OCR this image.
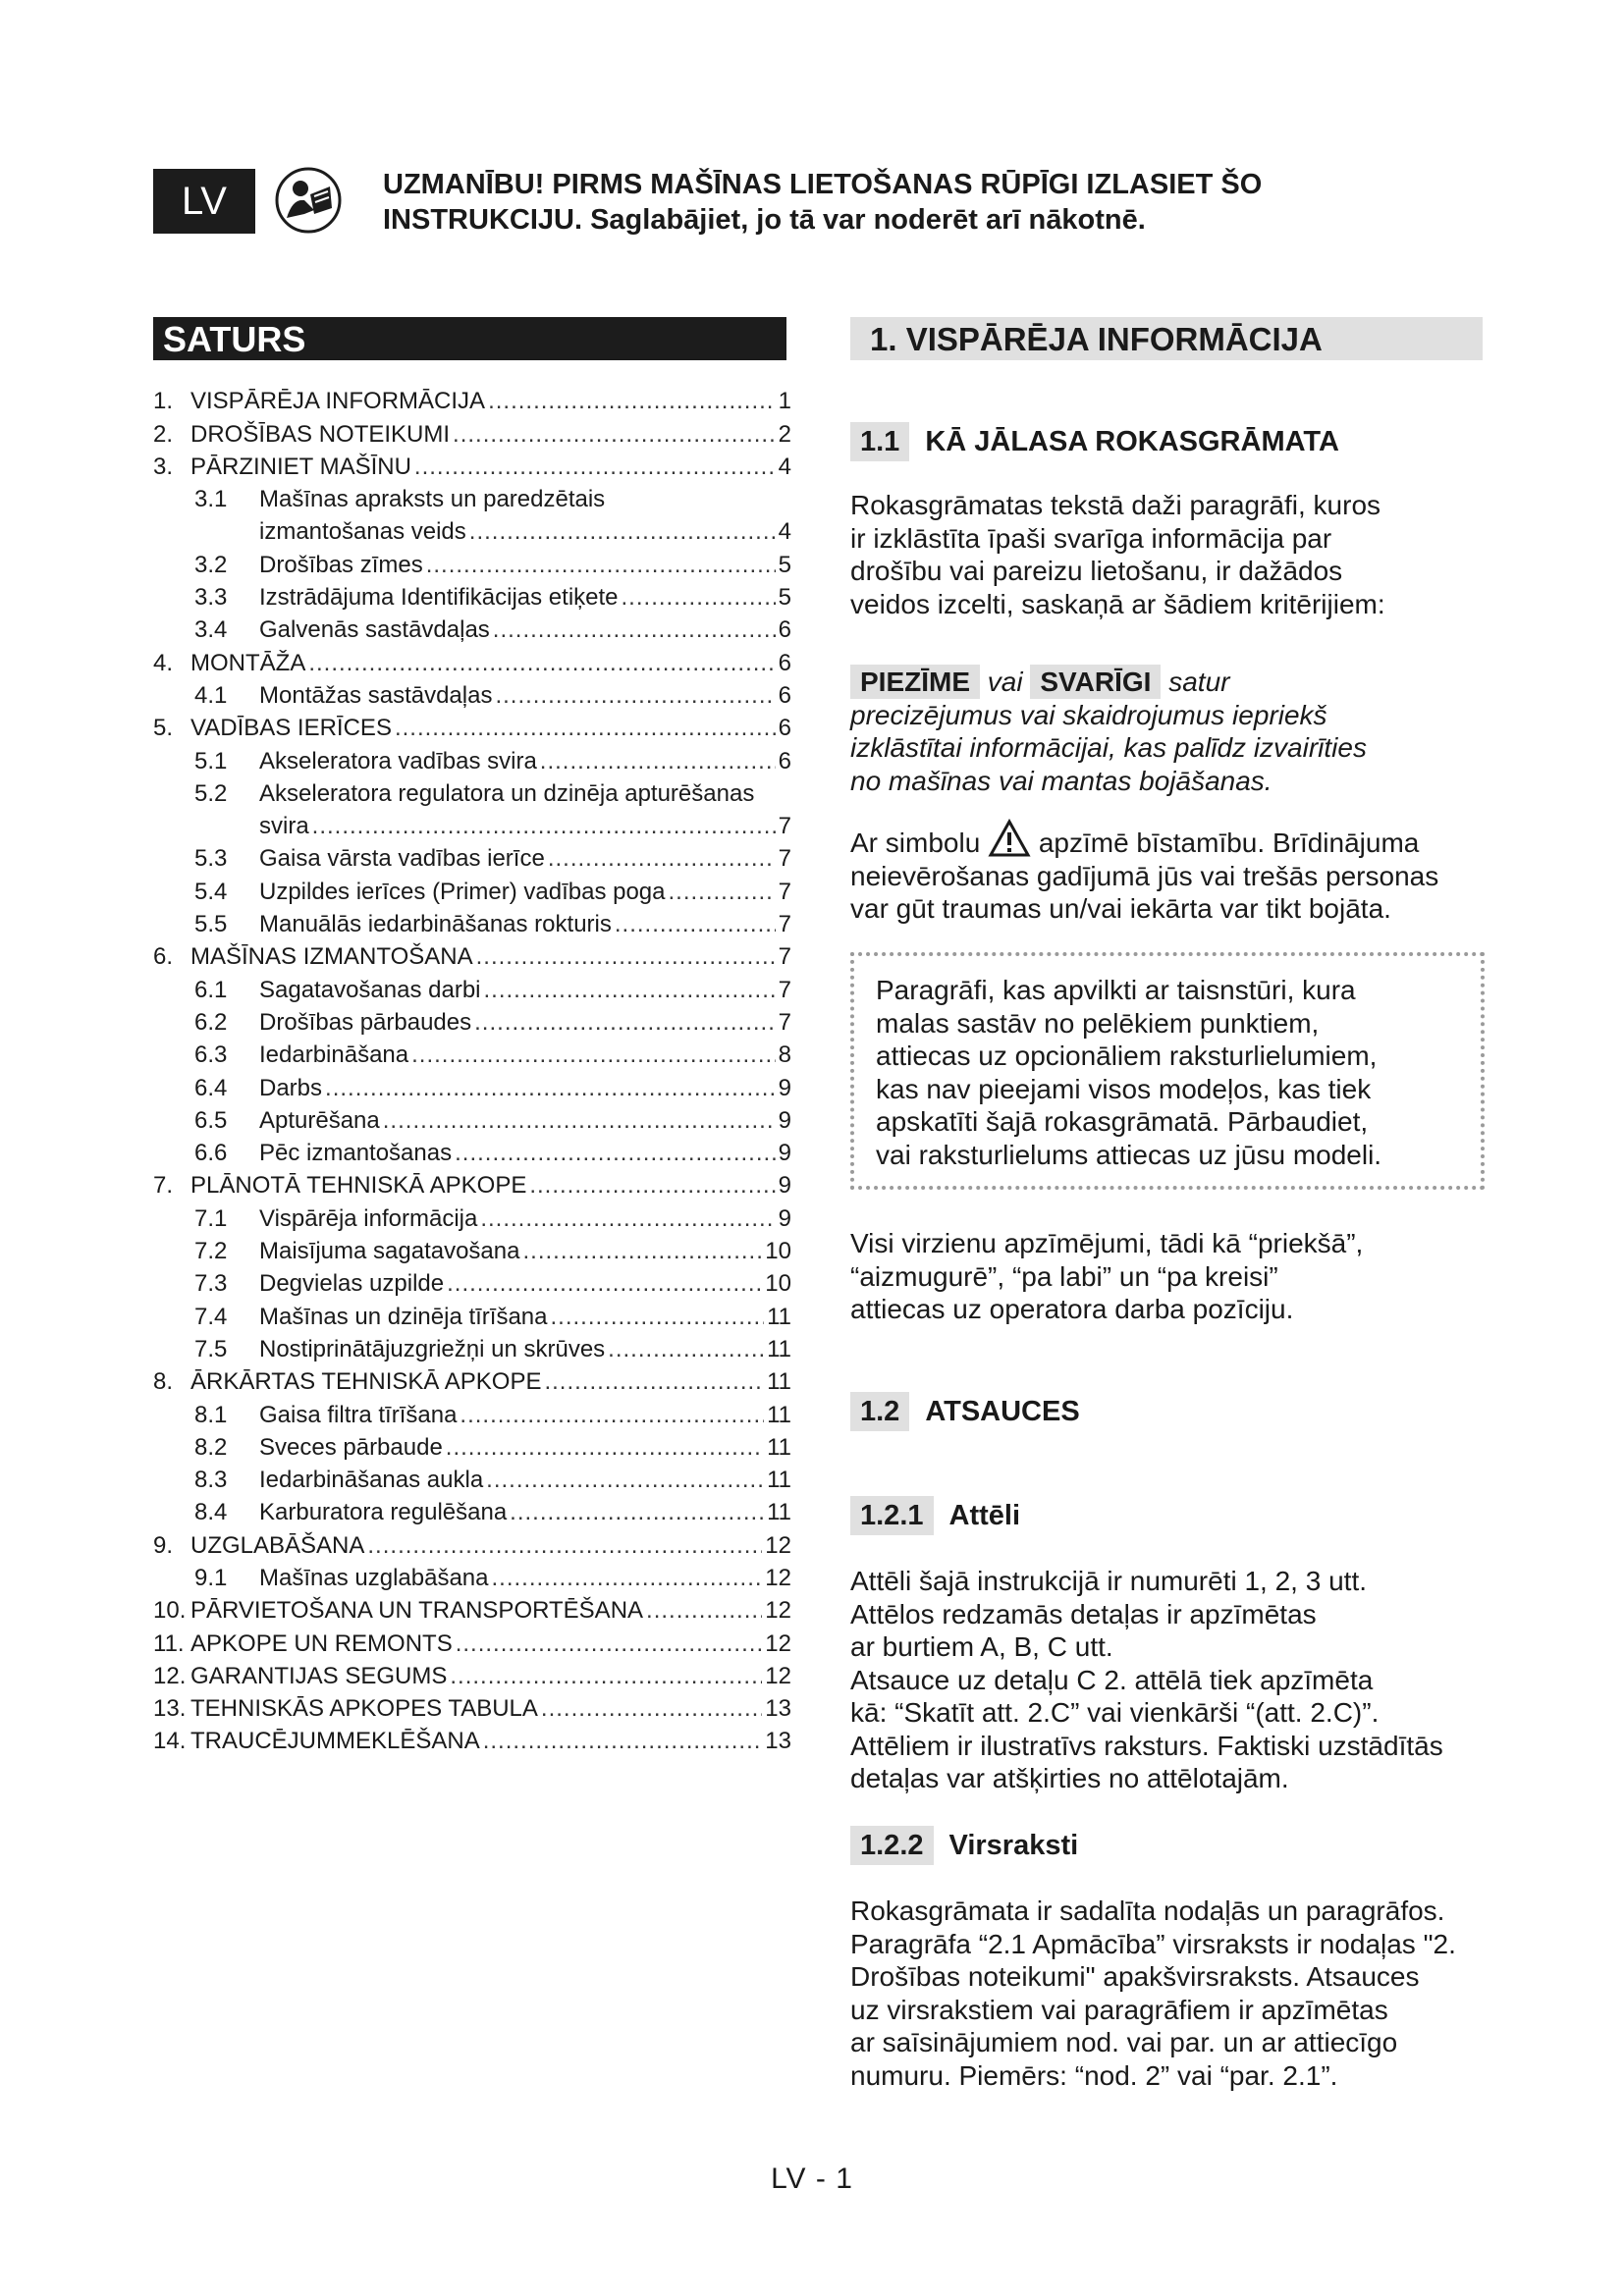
LV	UZMANĪBU! PIRMS MAŠĪNAS LIETOŠANAS RŪPĪGI IZLASIET ŠO
INSTRUKCIJU. Saglabājiet, jo tā var noderēt arī nākotnē.
SATURS
1. VISPĀRĒJA INFORMĀCIJA .....	1
2. DROŠĪBAS NOTEIKUMI .....	2
3. PĀRZINIET MAŠĪNU .....	4
3.1	Mašīnas apraksts un paredzētais
izmantošanas veids .....	4
3.2	Drošības zīmes .....	5
3.3	Izstrādājuma Identifikācijas etiķete .....	5
3.4	Galvenās sastāvdaļas .....	6
4. MONTĀŽA .....	6
4.1	Montāžas sastāvdaļas .....	6
5. VADĪBAS IERĪCES .....	6
5.1	Akseleratora vadības svira .....	6
5.2	Akseleratora regulatora un dzinēja apturēšanas
svira .....	7
5.3	Gaisa vārsta vadības ierīce .....	7
5.4	Uzpildes ierīces (Primer) vadības poga .....	7
5.5	Manuālās iedarbināšanas rokturis .....	7
6. MAŠĪNAS IZMANTOŠANA .....	7
6.1	Sagatavošanas darbi .....	7
6.2	Drošības pārbaudes .....	7
6.3	Iedarbināšana .....	8
6.4	Darbs .....	9
6.5	Apturēšana .....	9
6.6	Pēc izmantošanas .....	9
7. PLĀNOTĀ TEHNISKĀ APKOPE .....	9
7.1	Vispārēja informācija .....	9
7.2	Maisījuma sagatavošana .....	10
7.3	Degvielas uzpilde .....	10
7.4	Mašīnas un dzinēja tīrīšana .....	11
7.5	Nostiprinātājuzgriežņi un skrūves .....	11
8. ĀRKĀRTAS TEHNISKĀ APKOPE .....	11
8.1	Gaisa filtra tīrīšana .....	11
8.2	Sveces pārbaude .....	11
8.3	Iedarbināšanas aukla .....	11
8.4	Karburatora regulēšana .....	11
9. UZGLABĀŠANA .....	12
9.1	Mašīnas uzglabāšana .....	12
10. PĀRVIETOŠANA UN TRANSPORTĒŠANA .....	12
11. APKOPE UN REMONTS .....	12
12. GARANTIJAS SEGUMS .....	12
13. TEHNISKĀS APKOPES TABULA .....	13
14. TRAUCĒJUMMEKLĒŠANA .....	13
1. VISPĀRĒJA INFORMĀCIJA
1.1 KĀ JĀLASA ROKASGRĀMATA

Rokasgrāmatas tekstā daži paragrāfi, kuros

ir izklāstīta īpaši svarīga informācija par

drošību vai pareizu lietošanu, ir dažādos

veidos izcelti, saskaņā ar šādiem kritērijiem:

PIEZĪME vai SVARĪGI satur

precizējumus vai skaidrojumus iepriekš

izklāstītai informācijai, kas palīdz izvairīties

no mašīnas vai mantas bojāšanas.

Ar simbolu apzīmē bīstamību. Brīdinājuma

neievērošanas gadījumā jūs vai trešās personas

var gūt traumas un/vai iekārta var tikt bojāta.

Paragrāfi, kas apvilkti ar taisnstūri, kura

malas sastāv no pelēkiem punktiem,

attiecas uz opcionāliem raksturlielumiem,

kas nav pieejami visos modeļos, kas tiek

apskatīti šajā rokasgrāmatā. Pārbaudiet,

vai raksturlielums attiecas uz jūsu modeli.

Visi virzienu apzīmējumi, tādi kā “priekšā”,

“aizmugurē”, “pa labi” un “pa kreisi”

attiecas uz operatora darba pozīciju.

1.2 ATSAUCES
1.2.1 Attēli

Attēli šajā instrukcijā ir numurēti 1, 2, 3 utt.

Attēlos redzamās detaļas ir apzīmētas

ar burtiem A, B, C utt.

Atsauce uz detaļu C 2. attēlā tiek apzīmēta

kā: “Skatīt att. 2.C” vai vienkārši “(att. 2.C)”.

Attēliem ir ilustratīvs raksturs. Faktiski uzstādītās

detaļas var atšķirties no attēlotajām.

1.2.2 Virsraksti

Rokasgrāmata ir sadalīta nodaļās un paragrāfos.

Paragrāfa “2.1 Apmācība” virsraksts ir nodaļas "2.

Drošības noteikumi" apakšvirsraksts. Atsauces

uz virsrakstiem vai paragrāfiem ir apzīmētas

ar saīsinājumiem nod. vai par. un ar attiecīgo

numuru. Piemērs: “nod. 2” vai “par. 2.1”.

LV - 1
